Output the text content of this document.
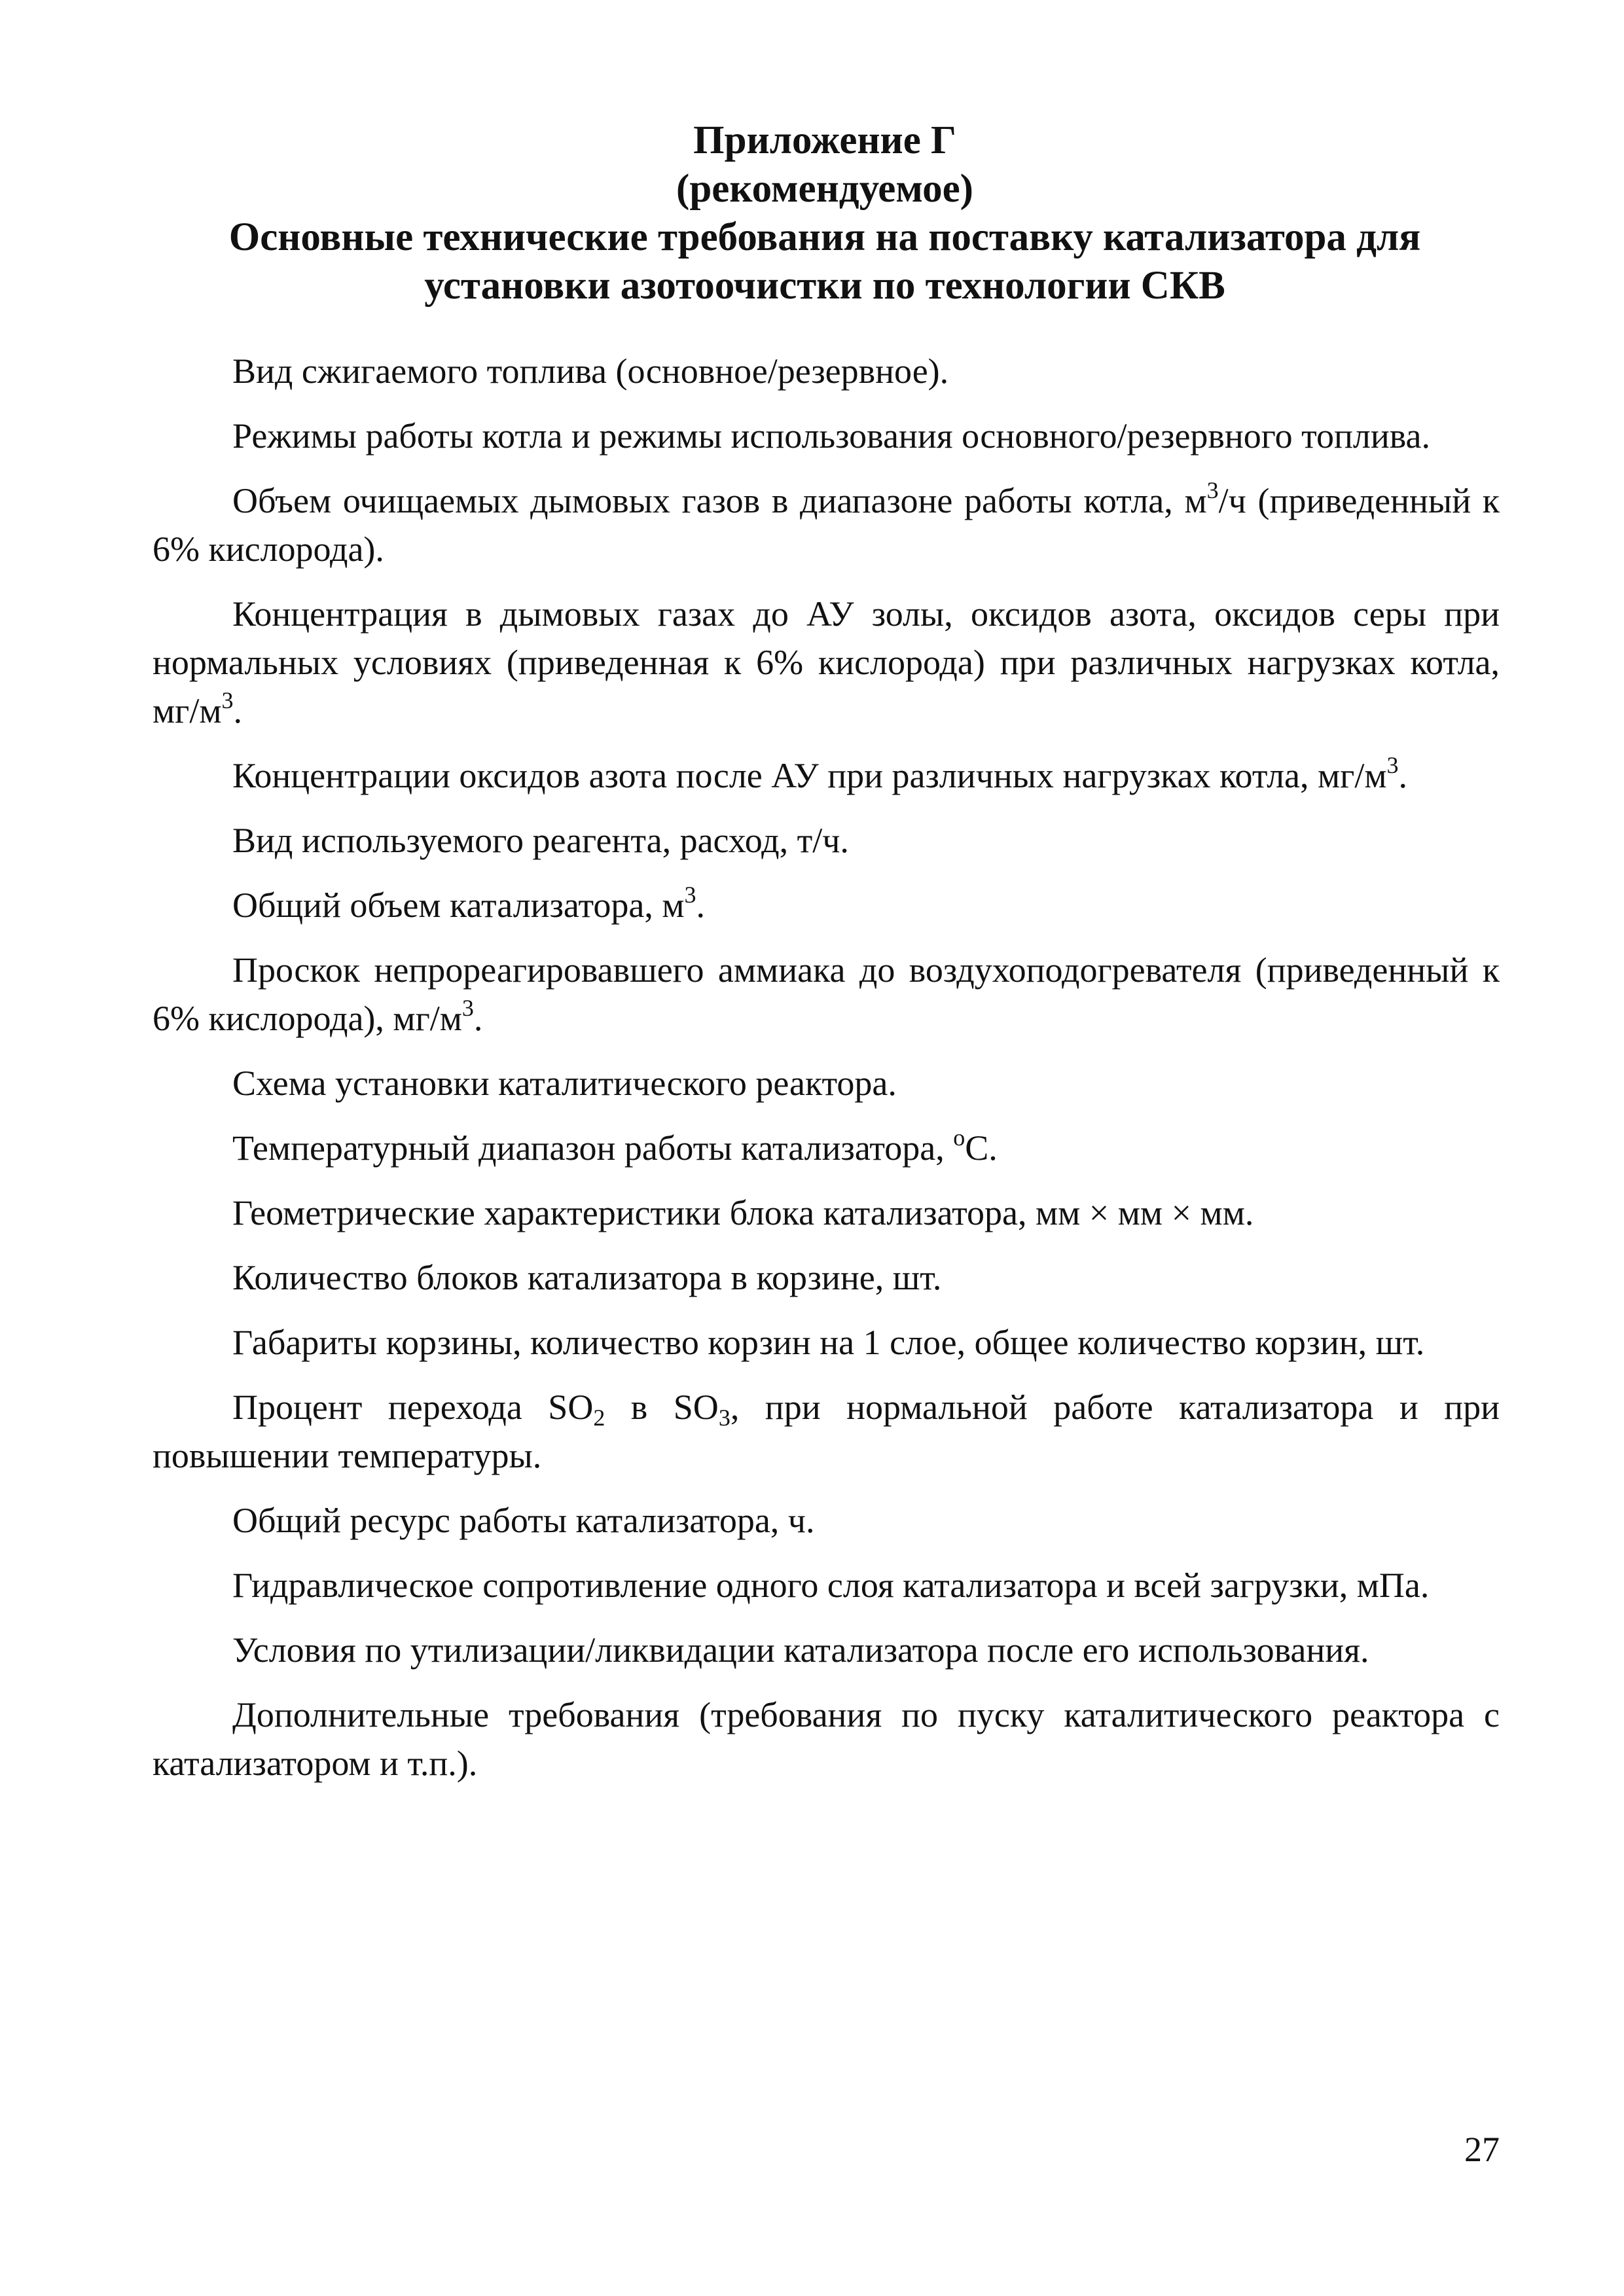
Приложение Г
(рекомендуемое)
Основные технические требования на поставку катализатора для
установки азотоочистки по технологии СКВ

Вид сжигаемого топлива (основное/резервное).

Режимы работы котла и режимы использования основного/резервного топлива.

Объем очищаемых дымовых газов в диапазоне работы котла, $м^3/ч$ (приведенный к 6% кислорода).

Концентрация в дымовых газах до АУ золы, оксидов азота, оксидов серы при нормальных условиях (приведенная к 6% кислорода) при различных нагрузках котла, $мг/м^3$.

Концентрации оксидов азота после АУ при различных нагрузках котла, $мг/м^3$.

Вид используемого реагента, расход, т/ч.

Общий объем катализатора, $м^3$.

Проскок непрореагировавшего аммиака до воздухоподогревателя (приведенный к 6% кислорода), $мг/м^3$.

Схема установки каталитического реактора.

Температурный диапазон работы катализатора, $^о$С.

Геометрические характеристики блока катализатора, мм × мм × мм.

Количество блоков катализатора в корзине, шт.

Габариты корзины, количество корзин на 1 слое, общее количество корзин, шт.

Процент перехода $SO_2$ в $SO_3$, при нормальной работе катализатора и при повышении температуры.

Общий ресурс работы катализатора, ч.

Гидравлическое сопротивление одного слоя катализатора и всей загрузки, мПа.

Условия по утилизации/ликвидации катализатора после его использования.

Дополнительные требования (требования по пуску каталитического реактора с катализатором и т.п.).

27
